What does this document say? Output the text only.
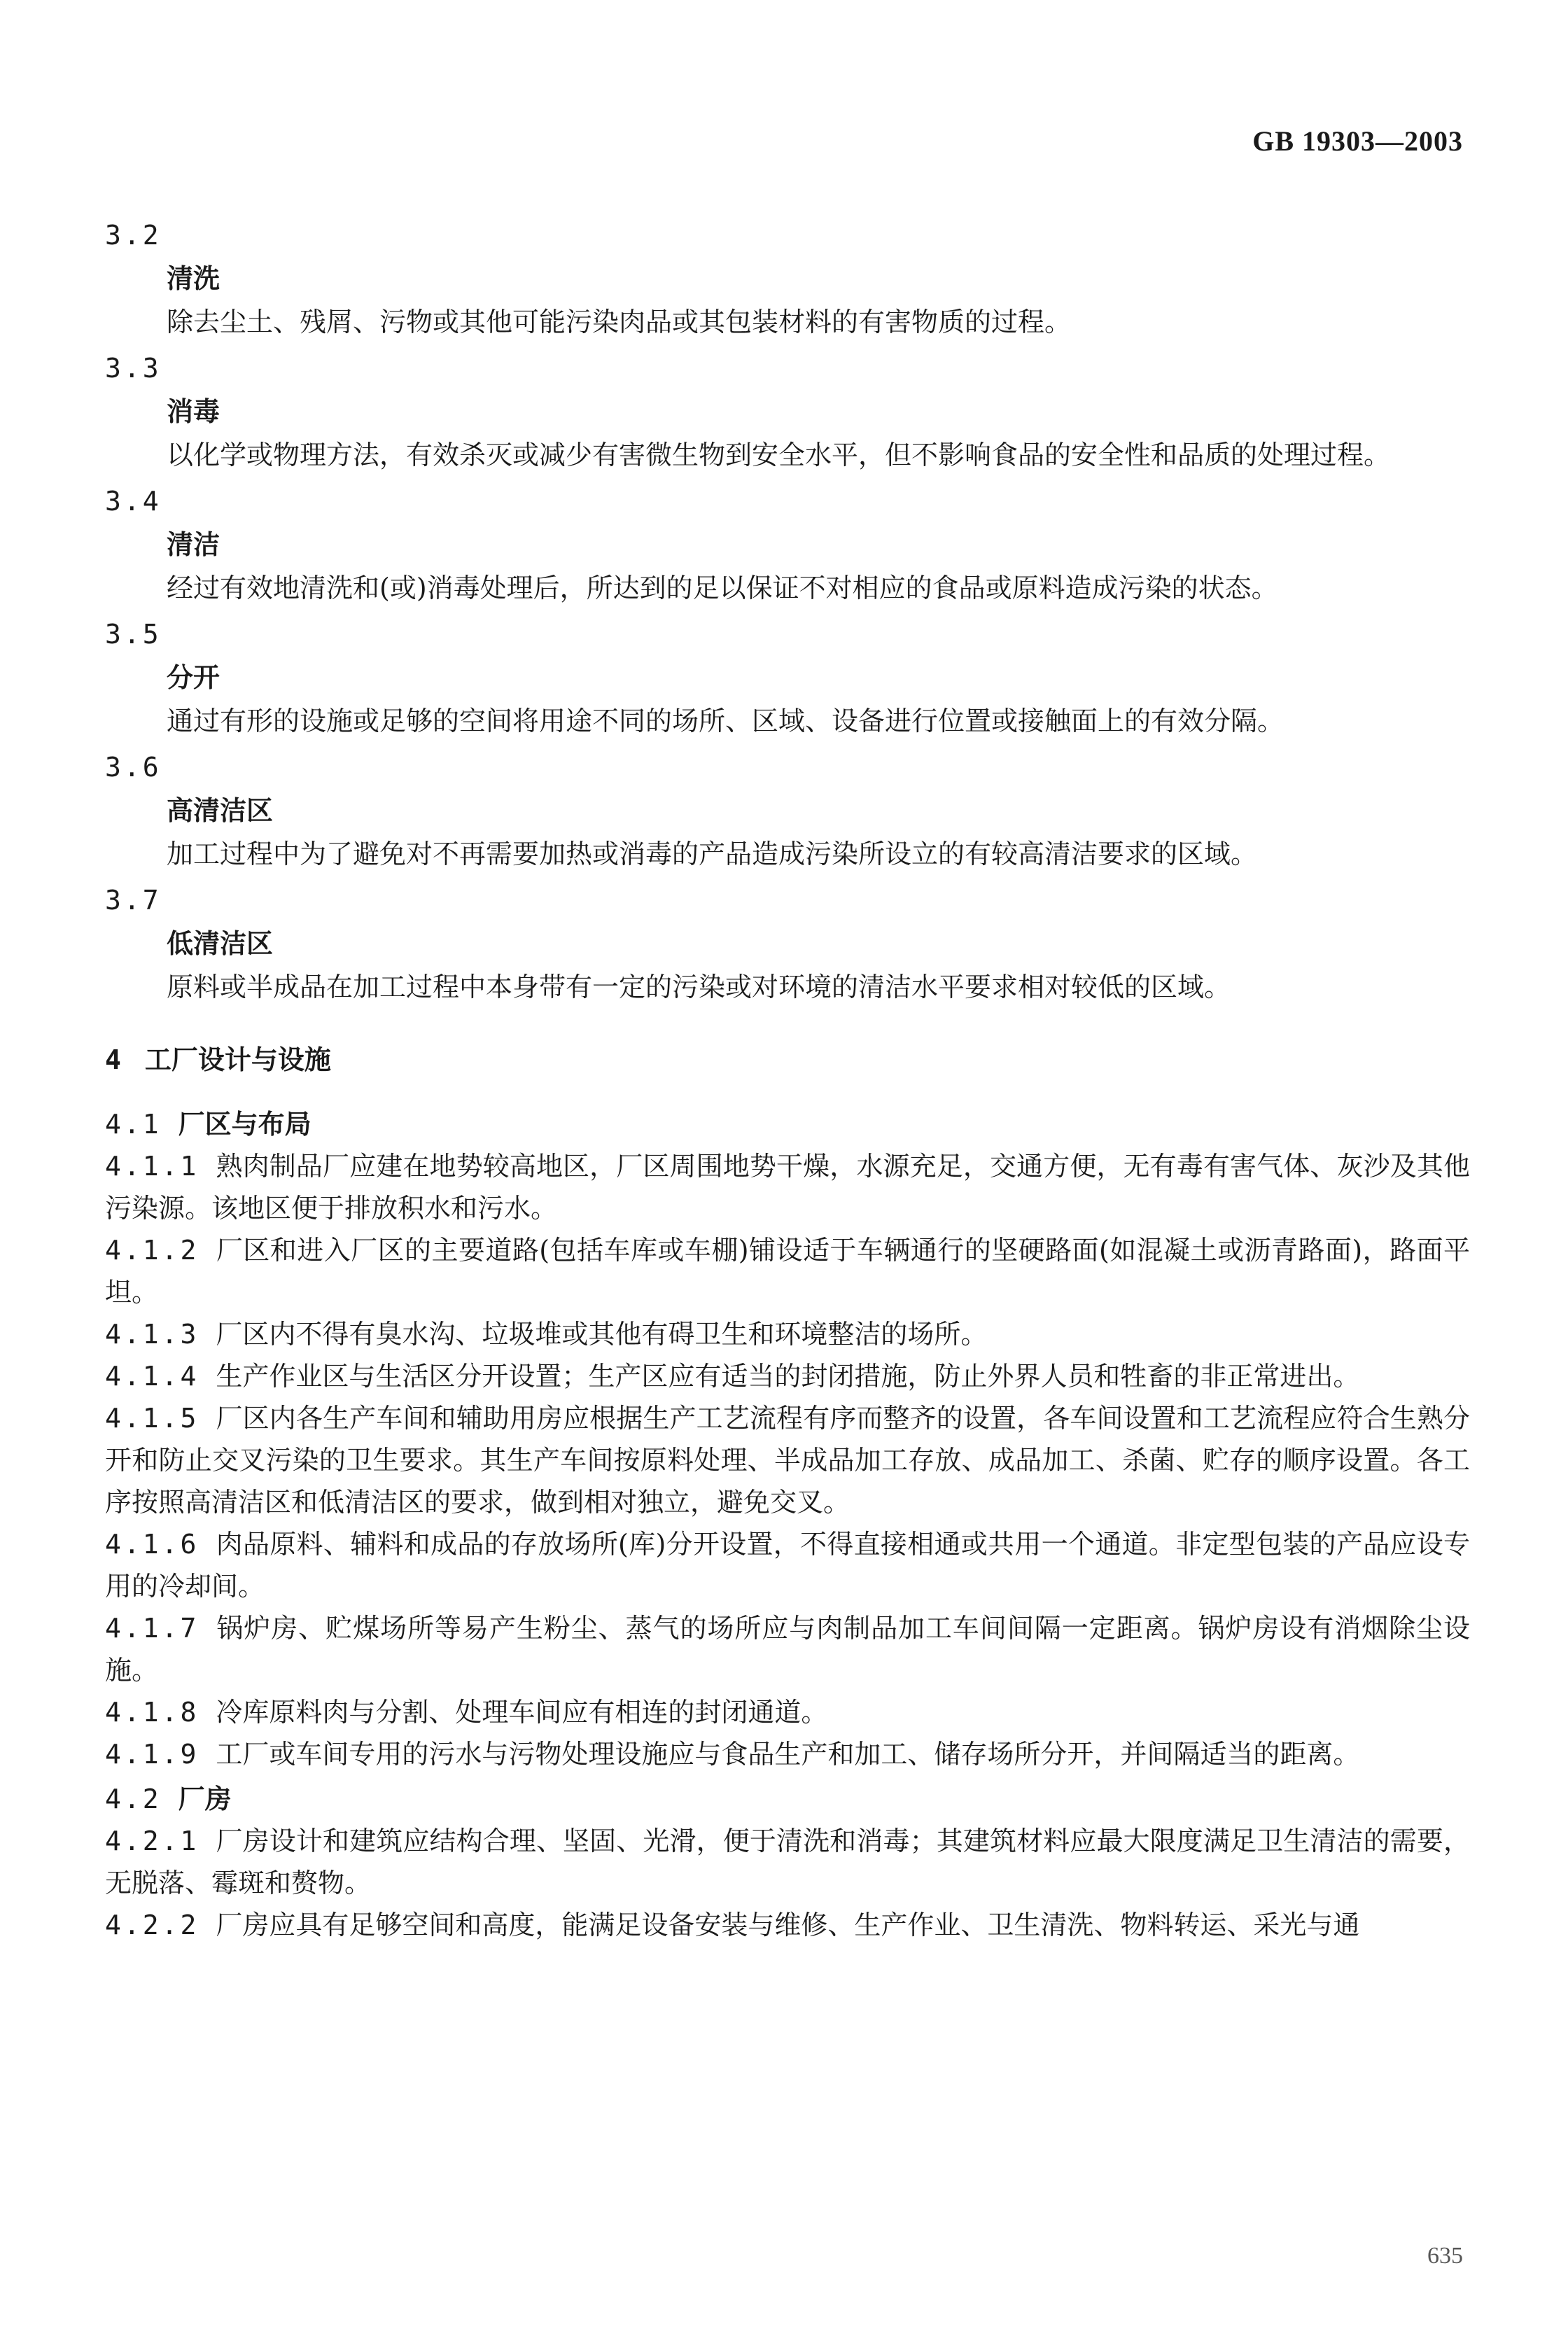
GB 19303—2003
3.2
清洗
除去尘土、残屑、污物或其他可能污染肉品或其包装材料的有害物质的过程。
3.3
消毒
以化学或物理方法，有效杀灭或减少有害微生物到安全水平，但不影响食品的安全性和品质的处理过程。
3.4
清洁
经过有效地清洗和(或)消毒处理后，所达到的足以保证不对相应的食品或原料造成污染的状态。
3.5
分开
通过有形的设施或足够的空间将用途不同的场所、区域、设备进行位置或接触面上的有效分隔。
3.6
高清洁区
加工过程中为了避免对不再需要加热或消毒的产品造成污染所设立的有较高清洁要求的区域。
3.7
低清洁区
原料或半成品在加工过程中本身带有一定的污染或对环境的清洁水平要求相对较低的区域。
4 工厂设计与设施
4.1 厂区与布局
4.1.1 熟肉制品厂应建在地势较高地区，厂区周围地势干燥，水源充足，交通方便，无有毒有害气体、灰沙及其他污染源。该地区便于排放积水和污水。
4.1.2 厂区和进入厂区的主要道路(包括车库或车棚)铺设适于车辆通行的坚硬路面(如混凝土或沥青路面)，路面平坦。
4.1.3 厂区内不得有臭水沟、垃圾堆或其他有碍卫生和环境整洁的场所。
4.1.4 生产作业区与生活区分开设置；生产区应有适当的封闭措施，防止外界人员和牲畜的非正常进出。
4.1.5 厂区内各生产车间和辅助用房应根据生产工艺流程有序而整齐的设置，各车间设置和工艺流程应符合生熟分开和防止交叉污染的卫生要求。其生产车间按原料处理、半成品加工存放、成品加工、杀菌、贮存的顺序设置。各工序按照高清洁区和低清洁区的要求，做到相对独立，避免交叉。
4.1.6 肉品原料、辅料和成品的存放场所(库)分开设置，不得直接相通或共用一个通道。非定型包装的产品应设专用的冷却间。
4.1.7 锅炉房、贮煤场所等易产生粉尘、蒸气的场所应与肉制品加工车间间隔一定距离。锅炉房设有消烟除尘设施。
4.1.8 冷库原料肉与分割、处理车间应有相连的封闭通道。
4.1.9 工厂或车间专用的污水与污物处理设施应与食品生产和加工、储存场所分开，并间隔适当的距离。
4.2 厂房
4.2.1 厂房设计和建筑应结构合理、坚固、光滑，便于清洗和消毒；其建筑材料应最大限度满足卫生清洁的需要，无脱落、霉斑和赘物。
4.2.2 厂房应具有足够空间和高度，能满足设备安装与维修、生产作业、卫生清洗、物料转运、采光与通
635
